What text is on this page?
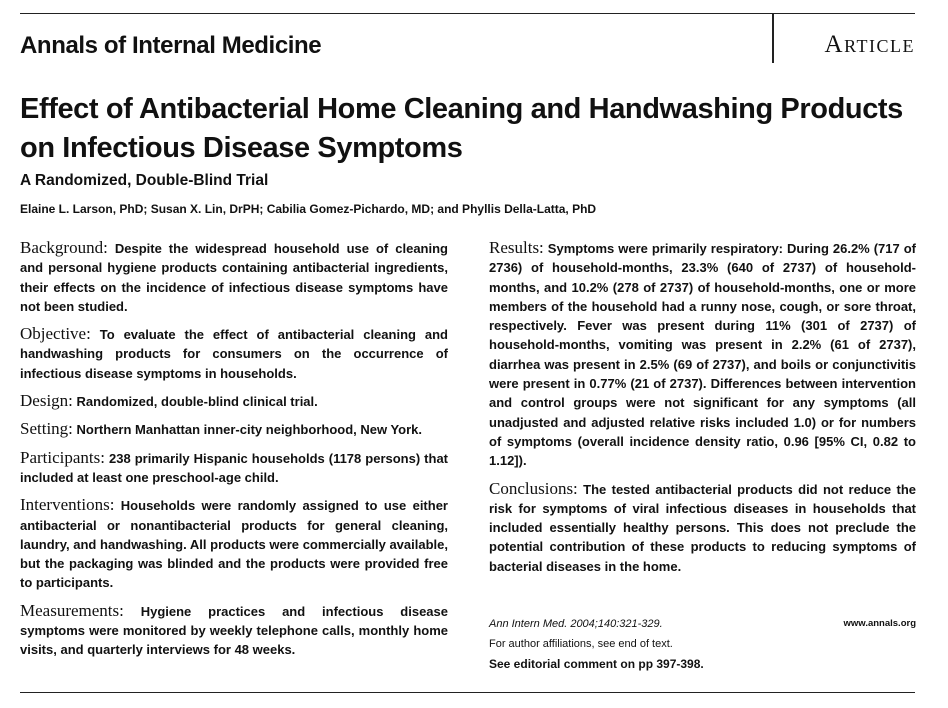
Annals of Internal Medicine	Article
Effect of Antibacterial Home Cleaning and Handwashing Products on Infectious Disease Symptoms
A Randomized, Double-Blind Trial
Elaine L. Larson, PhD; Susan X. Lin, DrPH; Cabilia Gomez-Pichardo, MD; and Phyllis Della-Latta, PhD

Background: Despite the widespread household use of cleaning and personal hygiene products containing antibacterial ingredients, their effects on the incidence of infectious disease symptoms have not been studied.

Objective: To evaluate the effect of antibacterial cleaning and handwashing products for consumers on the occurrence of infectious disease symptoms in households.

Design: Randomized, double-blind clinical trial.

Setting: Northern Manhattan inner-city neighborhood, New York.

Participants: 238 primarily Hispanic households (1178 persons) that included at least one preschool-age child.

Interventions: Households were randomly assigned to use either antibacterial or nonantibacterial products for general cleaning, laundry, and handwashing. All products were commercially available, but the packaging was blinded and the products were provided free to participants.

Measurements: Hygiene practices and infectious disease symptoms were monitored by weekly telephone calls, monthly home visits, and quarterly interviews for 48 weeks.

Results: Symptoms were primarily respiratory: During 26.2% (717 of 2736) of household-months, 23.3% (640 of 2737) of household-months, and 10.2% (278 of 2737) of household-months, one or more members of the household had a runny nose, cough, or sore throat, respectively. Fever was present during 11% (301 of 2737) of household-months, vomiting was present in 2.2% (61 of 2737), diarrhea was present in 2.5% (69 of 2737), and boils or conjunctivitis were present in 0.77% (21 of 2737). Differences between intervention and control groups were not significant for any symptoms (all unadjusted and adjusted relative risks included 1.0) or for numbers of symptoms (overall incidence density ratio, 0.96 [95% CI, 0.82 to 1.12]).

Conclusions: The tested antibacterial products did not reduce the risk for symptoms of viral infectious diseases in households that included essentially healthy persons. This does not preclude the potential contribution of these products to reducing symptoms of bacterial diseases in the home.

Ann Intern Med. 2004;140:321-329.	www.annals.org
For author affiliations, see end of text.
See editorial comment on pp 397-398.
